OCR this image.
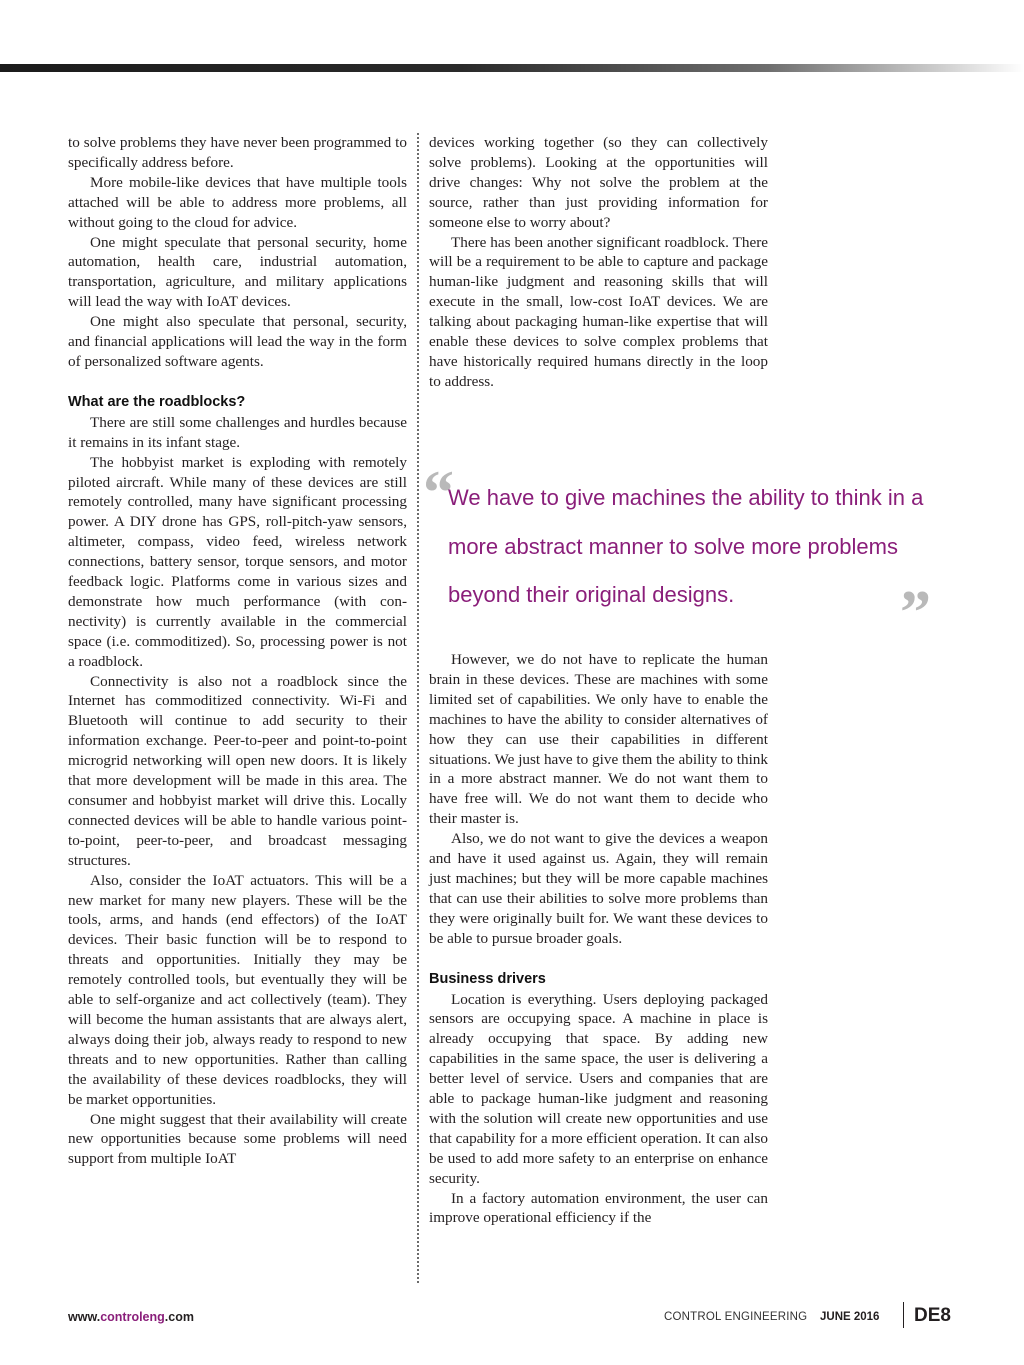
to solve problems they have never been programmed to specifically address before.

More mobile-like devices that have multiple tools attached will be able to address more problems, all without going to the cloud for advice.

One might speculate that personal security, home automation, health care, industrial automation, transportation, agriculture, and military applications will lead the way with IoAT devices.

One might also speculate that personal, security, and financial applications will lead the way in the form of personalized software agents.

What are the roadblocks?

There are still some challenges and hurdles because it remains in its infant stage.

The hobbyist market is exploding with remotely piloted aircraft. While many of these devices are still remotely controlled, many have significant processing power. A DIY drone has GPS, roll-pitch-yaw sensors, altimeter, compass, video feed, wireless network connections, battery sensor, torque sensors, and motor feedback logic. Platforms come in various sizes and demonstrate how much performance (with connectivity) is currently available in the commercial space (i.e. commoditized). So, processing power is not a roadblock.

Connectivity is also not a roadblock since the Internet has commoditized connectivity. Wi-Fi and Bluetooth will continue to add security to their information exchange. Peer-to-peer and point-to-point microgrid networking will open new doors. It is likely that more development will be made in this area. The consumer and hobbyist market will drive this. Locally connected devices will be able to handle various point-to-point, peer-to-peer, and broadcast messaging structures.

Also, consider the IoAT actuators. This will be a new market for many new players. These will be the tools, arms, and hands (end effectors) of the IoAT devices. Their basic function will be to respond to threats and opportunities. Initially they may be remotely controlled tools, but eventually they will be able to self-organize and act collectively (team). They will become the human assistants that are always alert, always doing their job, always ready to respond to new threats and to new opportunities. Rather than calling the availability of these devices roadblocks, they will be market opportunities.

One might suggest that their availability will create new opportunities because some problems will need support from multiple IoAT

devices working together (so they can collectively solve problems). Looking at the opportunities will drive changes: Why not solve the problem at the source, rather than just providing information for someone else to worry about?

There has been another significant roadblock. There will be a requirement to be able to capture and package human-like judgment and reasoning skills that will execute in the small, low-cost IoAT devices. We are talking about packaging human-like expertise that will enable these devices to solve complex problems that have historically required humans directly in the loop to address.

“

We have to give machines the ability to think in a more abstract manner to solve more problems beyond their original designs.	”

However, we do not have to replicate the human brain in these devices. These are machines with some limited set of capabilities. We only have to enable the machines to have the ability to consider alternatives of how they can use their capabilities in different situations. We just have to give them the ability to think in a more abstract manner. We do not want them to have free will. We do not want them to decide who their master is.

Also, we do not want to give the devices a weapon and have it used against us. Again, they will remain just machines; but they will be more capable machines that can use their abilities to solve more problems than they were originally built for. We want these devices to be able to pursue broader goals.

Business drivers

Location is everything. Users deploying packaged sensors are occupying space. A machine in place is already occupying that space. By adding new capabilities in the same space, the user is delivering a better level of service. Users and companies that are able to package human-like judgment and reasoning with the solution will create new opportunities and use that capability for a more efficient operation. It can also be used to add more safety to an enterprise on enhance security.

In a factory automation environment, the user can improve operational efficiency if the

www.controleng.com	CONTROL ENGINEERING JUNE 2016 DE8
